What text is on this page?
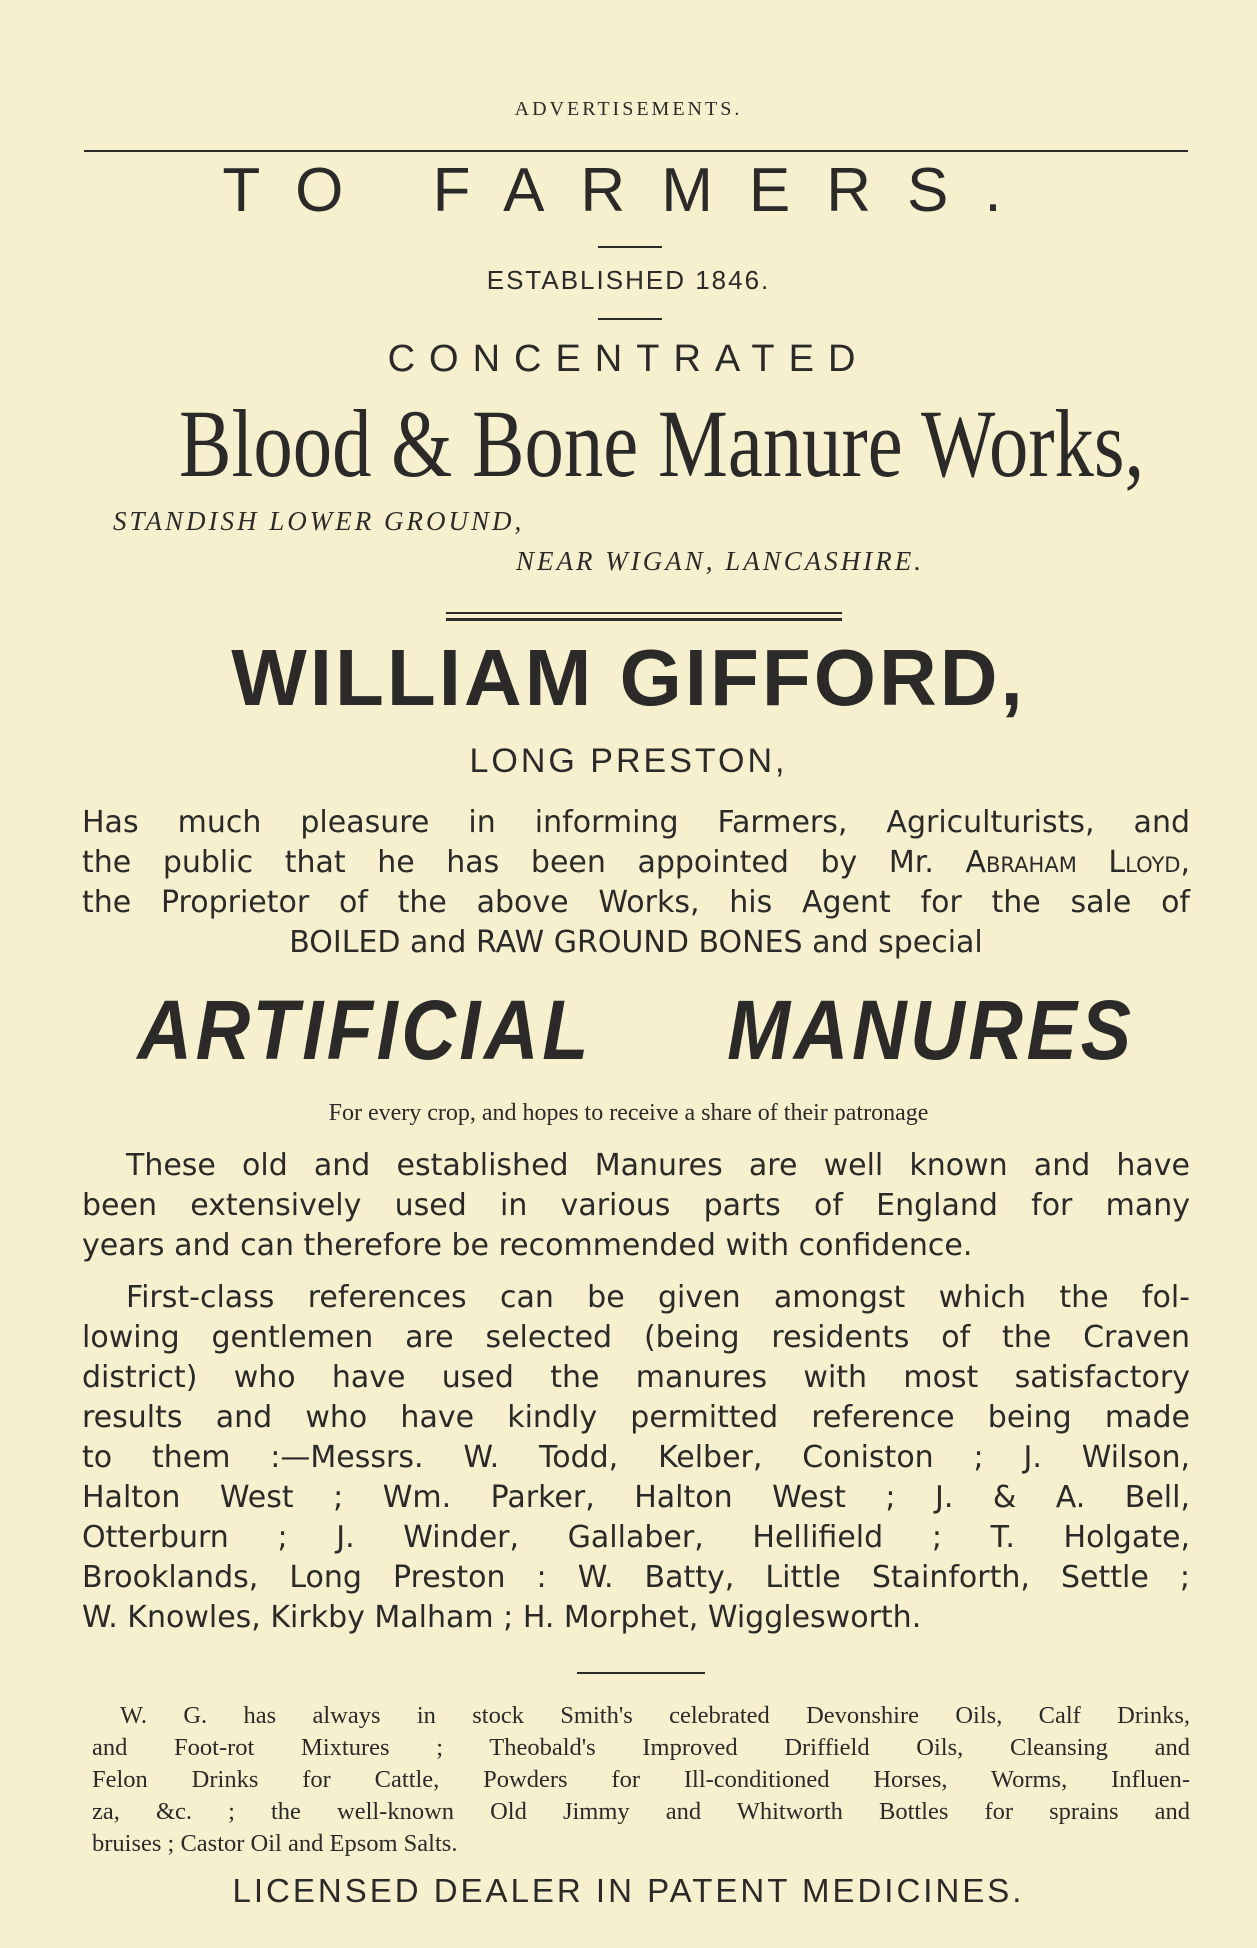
ADVERTISEMENTS.
TO FARMERS.
ESTABLISHED 1846.
CONCENTRATED
Blood & Bone Manure Works,
STANDISH LOWER GROUND,
NEAR WIGAN, LANCASHIRE.
WILLIAM GIFFORD,
LONG PRESTON,
Has much pleasure in informing Farmers, Agriculturists, and
the public that he has been appointed by Mr. Abraham Lloyd,
the Proprietor of the above Works, his Agent for the sale of
BOILED and RAW GROUND BONES and special
ARTIFICIAL MANURES
For every crop, and hopes to receive a share of their patronage
These old and established Manures are well known and have
been extensively used in various parts of England for many
years and can therefore be recommended with confidence.
First-class references can be given amongst which the fol-
lowing gentlemen are selected (being residents of the Craven
district) who have used the manures with most satisfactory
results and who have kindly permitted reference being made
to them :—Messrs. W. Todd, Kelber, Coniston ; J. Wilson,
Halton West ; Wm. Parker, Halton West ; J. & A. Bell,
Otterburn ; J. Winder, Gallaber, Hellifield ; T. Holgate,
Brooklands, Long Preston : W. Batty, Little Stainforth, Settle ;
W. Knowles, Kirkby Malham ; H. Morphet, Wigglesworth.
W. G. has always in stock Smith's celebrated Devonshire Oils, Calf Drinks,
and Foot-rot Mixtures ; Theobald's Improved Driffield Oils, Cleansing and
Felon Drinks for Cattle, Powders for Ill-conditioned Horses, Worms, Influen-
za, &c. ; the well-known Old Jimmy and Whitworth Bottles for sprains and
bruises ; Castor Oil and Epsom Salts.
LICENSED DEALER IN PATENT MEDICINES.
